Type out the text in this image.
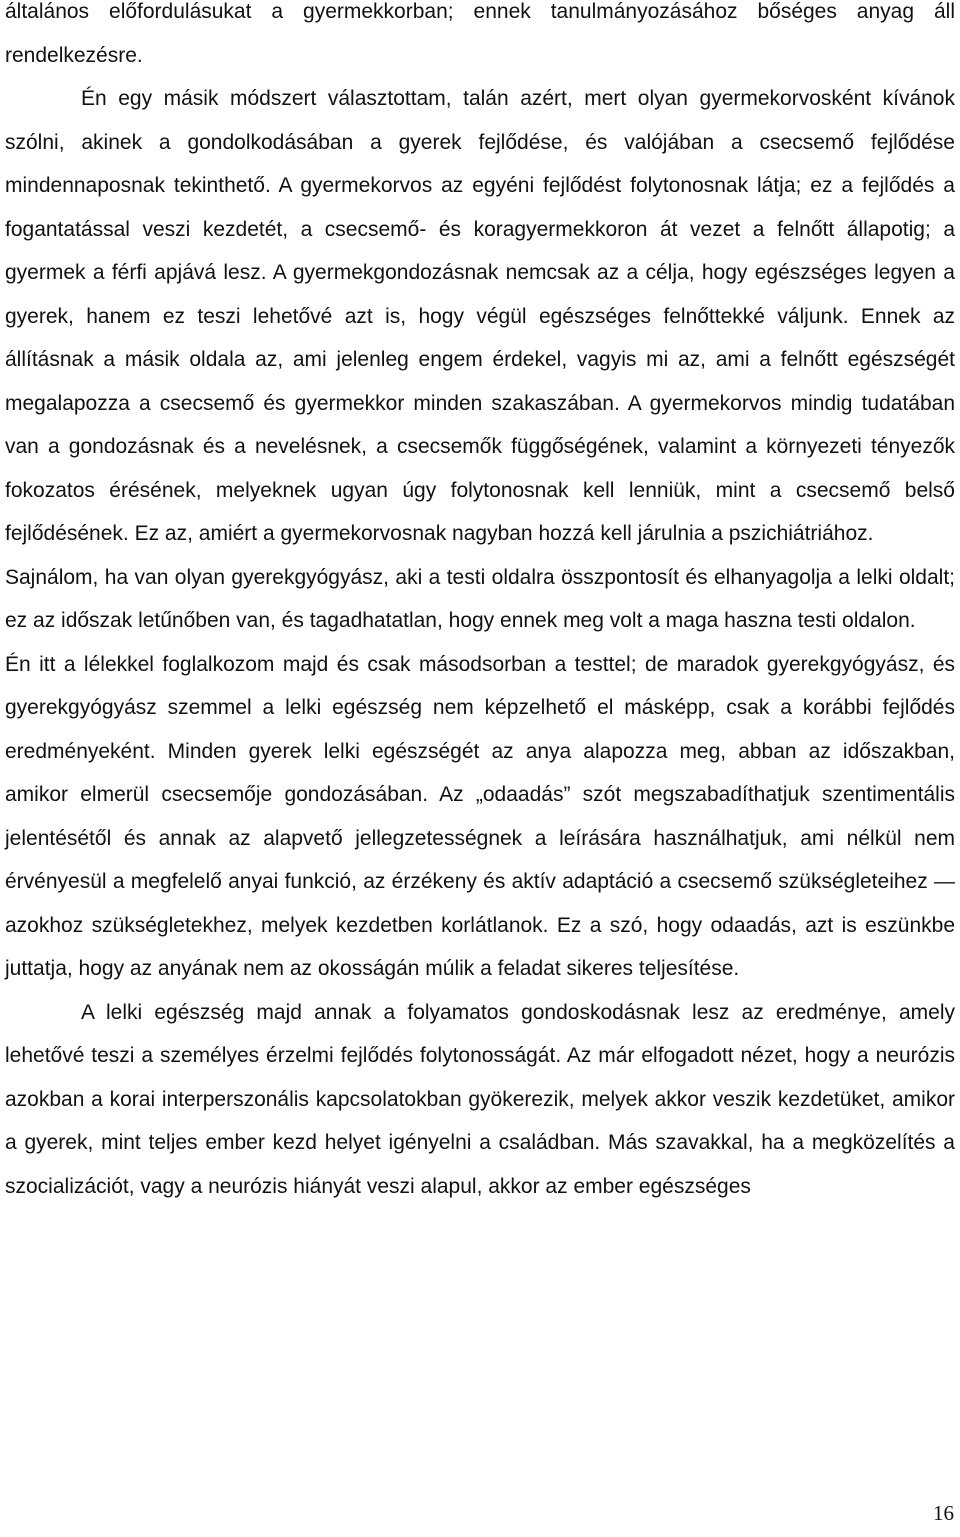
általános előfordulásukat a gyermekkorban; ennek tanulmányozásához bőséges anyag áll rendelkezésre.

Én egy másik módszert választottam, talán azért, mert olyan gyermekorvosként kívánok szólni, akinek a gondolkodásában a gyerek fejlődése, és valójában a csecsemő fejlődése mindennaposnak tekinthető. A gyermekorvos az egyéni fejlődést folytonosnak látja; ez a fejlődés a fogantatással veszi kezdetét, a csecsemő- és koragyermekkoron át vezet a felnőtt állapotig; a gyermek a férfi apjává lesz. A gyermekgondozásnak nemcsak az a célja, hogy egészséges legyen a gyerek, hanem ez teszi lehetővé azt is, hogy végül egészséges felnőttekké váljunk. Ennek az állításnak a másik oldala az, ami jelenleg engem érdekel, vagyis mi az, ami a felnőtt egészségét megalapozza a csecsemő és gyermekkor minden szakaszában. A gyermekorvos mindig tudatában van a gondozásnak és a nevelésnek, a csecsemők függőségének, valamint a környezeti tényezők fokozatos érésének, melyeknek ugyan úgy folytonosnak kell lenniük, mint a csecsemő belső fejlődésének. Ez az, amiért a gyermekorvosnak nagyban hozzá kell járulnia a pszichiátriához.

Sajnálom, ha van olyan gyerekgyógyász, aki a testi oldalra összpontosít és elhanyagolja a lelki oldalt; ez az időszak letűnőben van, és tagadhatatlan, hogy ennek meg volt a maga haszna testi oldalon.

Én itt a lélekkel foglalkozom majd és csak másodsorban a testtel; de maradok gyerekgyógyász, és gyerekgyógyász szemmel a lelki egészség nem képzelhető el másképp, csak a korábbi fejlődés eredményeként. Minden gyerek lelki egészségét az anya alapozza meg, abban az időszakban, amikor elmerül csecsemője gondozásában. Az „odaadás” szót megszabadíthatjuk szentimentális jelentésétől és annak az alapvető jellegzetességnek a leírására használhatjuk, ami nélkül nem érvényesül a megfelelő anyai funkció, az érzékeny és aktív adaptáció a csecsemő szükségleteihez — azokhoz szükségletekhez, melyek kezdetben korlátlanok. Ez a szó, hogy odaadás, azt is eszünkbe juttatja, hogy az anyának nem az okosságán múlik a feladat sikeres teljesítése.

A lelki egészség majd annak a folyamatos gondoskodásnak lesz az eredménye, amely lehetővé teszi a személyes érzelmi fejlődés folytonosságát. Az már elfogadott nézet, hogy a neurózis azokban a korai interperszonális kapcsolatokban gyökerezik, melyek akkor veszik kezdetüket, amikor a gyerek, mint teljes ember kezd helyet igényelni a családban. Más szavakkal, ha a megközelítés a szocializációt, vagy a neurózis hiányát veszi alapul, akkor az ember egészséges

16
